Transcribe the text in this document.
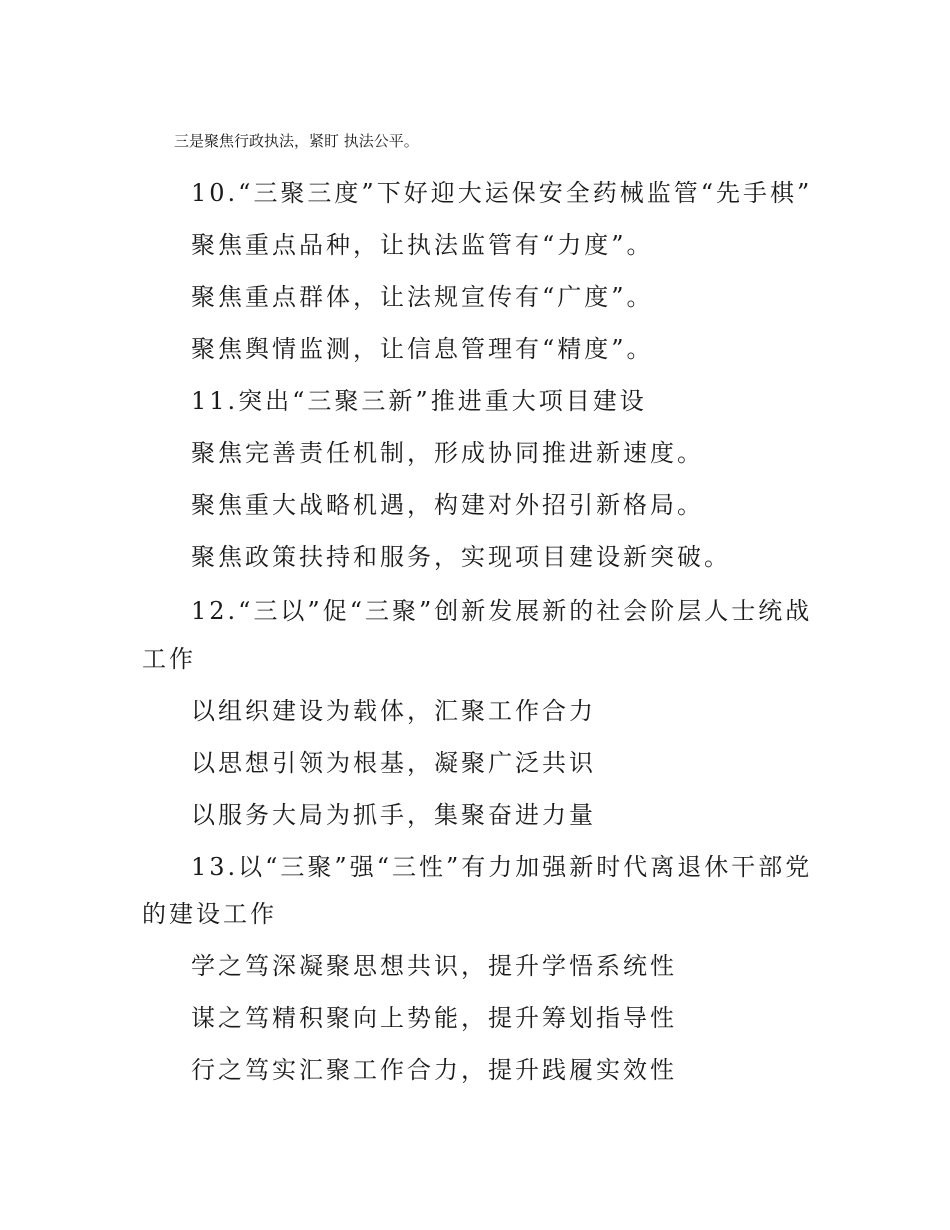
三是聚焦行政执法，紧盯 执法公平。
10.“三聚三度”下好迎大运保安全药械监管“先手棋”
聚焦重点品种，让执法监管有“力度”。
聚焦重点群体，让法规宣传有“广度”。
聚焦舆情监测，让信息管理有“精度”。
11.突出“三聚三新”推进重大项目建设
聚焦完善责任机制，形成协同推进新速度。
聚焦重大战略机遇，构建对外招引新格局。
聚焦政策扶持和服务，实现项目建设新突破。
12.“三以”促“三聚”创新发展新的社会阶层人士统战
工作
以组织建设为载体，汇聚工作合力
以思想引领为根基，凝聚广泛共识
以服务大局为抓手，集聚奋进力量
13.以“三聚”强“三性”有力加强新时代离退休干部党
的建设工作
学之笃深凝聚思想共识，提升学悟系统性
谋之笃精积聚向上势能，提升筹划指导性
行之笃实汇聚工作合力，提升践履实效性
